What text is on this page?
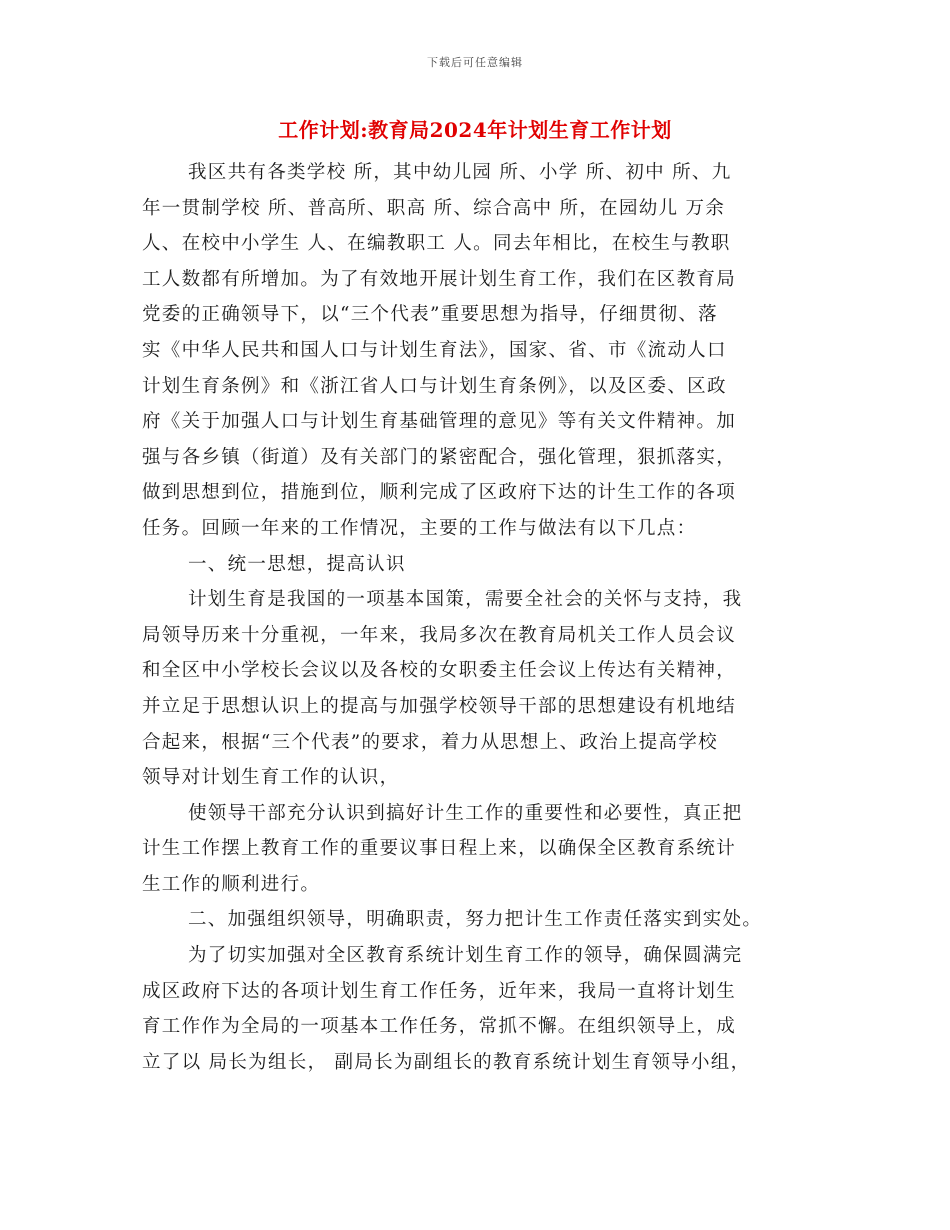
下载后可任意编辑
工作计划:教育局2024年计划生育工作计划
我区共有各类学校 所，其中幼儿园 所、小学 所、初中 所、九
年一贯制学校 所、普高所、职高 所、综合高中 所，在园幼儿 万余
人、在校中小学生 人、在编教职工 人。同去年相比，在校生与教职
工人数都有所增加。为了有效地开展计划生育工作，我们在区教育局
党委的正确领导下，以“三个代表”重要思想为指导，仔细贯彻、落
实《中华人民共和国人口与计划生育法》，国家、省、市《流动人口
计划生育条例》和《浙江省人口与计划生育条例》，以及区委、区政
府《关于加强人口与计划生育基础管理的意见》等有关文件精神。加
强与各乡镇（街道）及有关部门的紧密配合，强化管理，狠抓落实，
做到思想到位，措施到位，顺利完成了区政府下达的计生工作的各项
任务。回顾一年来的工作情况，主要的工作与做法有以下几点：
一、统一思想，提高认识
计划生育是我国的一项基本国策，需要全社会的关怀与支持，我
局领导历来十分重视，一年来，我局多次在教育局机关工作人员会议
和全区中小学校长会议以及各校的女职委主任会议上传达有关精神，
并立足于思想认识上的提高与加强学校领导干部的思想建设有机地结
合起来，根据“三个代表”的要求，着力从思想上、政治上提高学校
领导对计划生育工作的认识，
使领导干部充分认识到搞好计生工作的重要性和必要性，真正把
计生工作摆上教育工作的重要议事日程上来，以确保全区教育系统计
生工作的顺利进行。
二、加强组织领导，明确职责，努力把计生工作责任落实到实处。
为了切实加强对全区教育系统计划生育工作的领导，确保圆满完
成区政府下达的各项计划生育工作任务，近年来，我局一直将计划生
育工作作为全局的一项基本工作任务，常抓不懈。在组织领导上，成
立了以 局长为组长， 副局长为副组长的教育系统计划生育领导小组，
